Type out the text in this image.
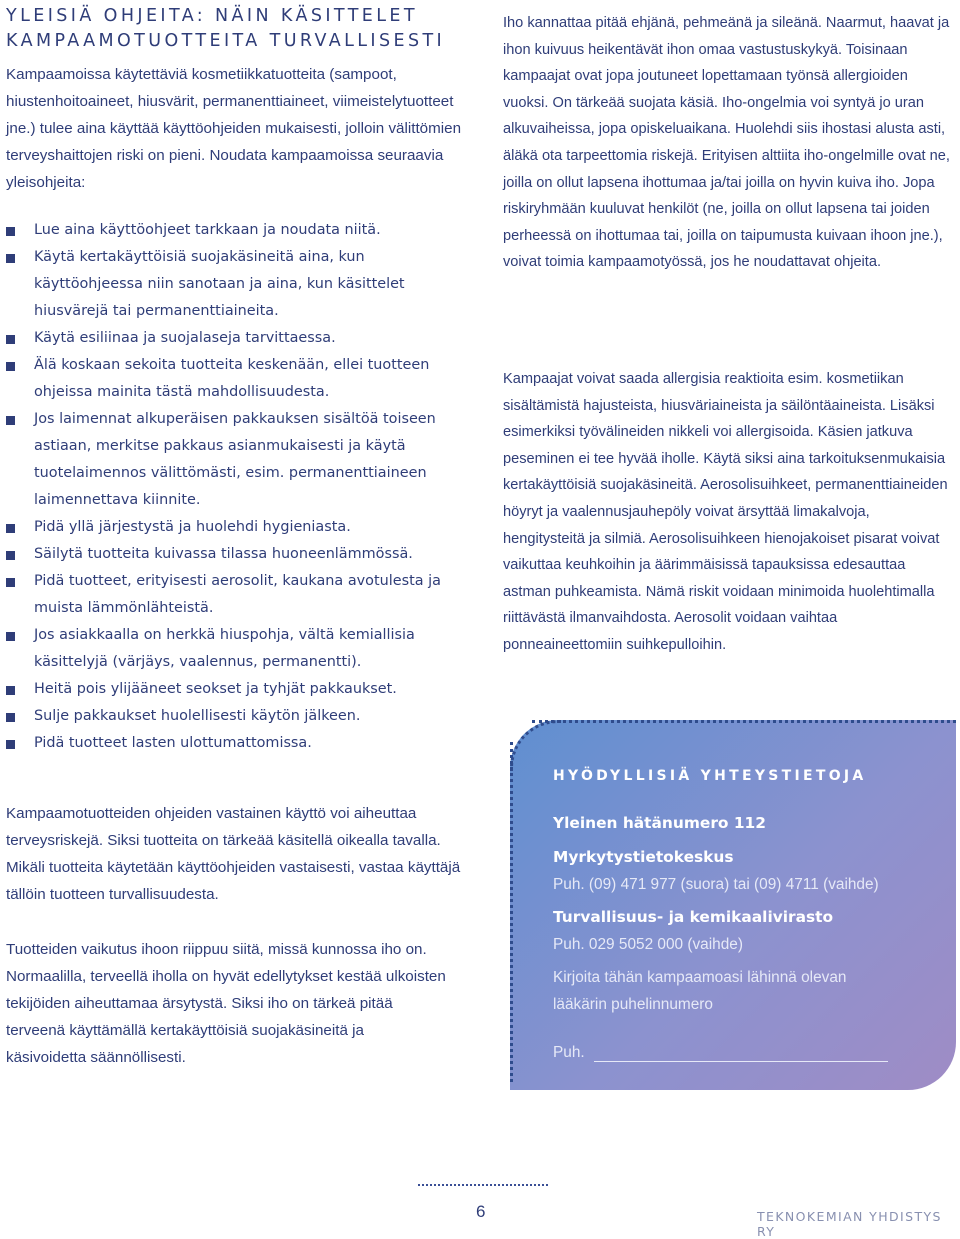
YLEISIÄ OHJEITA: NÄIN KÄSITTELET
KAMPAAMOTUOTTEITA TURVALLISESTI

Kampaamoissa käytettäviä kosmetiikkatuotteita (sampoot, hiustenhoitoaineet, hiusvärit, permanenttiaineet, viimeistelytuotteet jne.) tulee aina käyttää käyttöohjeiden mukaisesti, jolloin välittömien terveyshaittojen riski on pieni. Noudata kampaamoissa seuraavia yleisohjeita:

Lue aina käyttöohjeet tarkkaan ja noudata niitä.
Käytä kertakäyttöisiä suojakäsineitä aina, kun käyttöohjeessa niin sanotaan ja aina, kun käsittelet hiusvärejä tai permanenttiaineita.
Käytä esiliinaa ja suojalaseja tarvittaessa.
Älä koskaan sekoita tuotteita keskenään, ellei tuotteen ohjeissa mainita tästä mahdollisuudesta.
Jos laimennat alkuperäisen pakkauksen sisältöä toiseen astiaan, merkitse pakkaus asianmukaisesti ja käytä tuotelaimennos välittömästi, esim. permanenttiaineen laimennettava kiinnite.
Pidä yllä järjestystä ja huolehdi hygieniasta.
Säilytä tuotteita kuivassa tilassa huoneenlämmössä.
Pidä tuotteet, erityisesti aerosolit, kaukana avotulesta ja muista lämmönlähteistä.
Jos asiakkaalla on herkkä hiuspohja, vältä kemiallisia käsittelyjä (värjäys, vaalennus, permanentti).
Heitä pois ylijääneet seokset ja tyhjät pakkaukset.
Sulje pakkaukset huolellisesti käytön jälkeen.
Pidä tuotteet lasten ulottumattomissa.

Kampaamotuotteiden ohjeiden vastainen käyttö voi aiheuttaa terveysriskejä. Siksi tuotteita on tärkeää käsitellä oikealla tavalla. Mikäli tuotteita käytetään käyttöohjeiden vastaisesti, vastaa käyttäjä tällöin tuotteen turvallisuudesta.

Tuotteiden vaikutus ihoon riippuu siitä, missä kunnossa iho on. Normaalilla, terveellä iholla on hyvät edellytykset kestää ulkoisten tekijöiden aiheuttamaa ärsytystä. Siksi iho on tärkeä pitää terveenä käyttämällä kertakäyttöisiä suojakäsineitä ja käsivoidetta säännöllisesti.

Iho kannattaa pitää ehjänä, pehmeänä ja sileänä. Naarmut, haavat ja ihon kuivuus heikentävät ihon omaa vastustuskykyä. Toisinaan kampaajat ovat jopa joutuneet lopettamaan työnsä allergioiden vuoksi. On tärkeää suojata käsiä. Iho-ongelmia voi syntyä jo uran alkuvaiheissa, jopa opiskeluaikana. Huolehdi siis ihostasi alusta asti, äläkä ota tarpeettomia riskejä. Erityisen alttiita iho-ongelmille ovat ne, joilla on ollut lapsena ihottumaa ja/tai joilla on hyvin kuiva iho. Jopa riskiryhmään kuuluvat henkilöt (ne, joilla on ollut lapsena tai joiden perheessä on ihottumaa tai, joilla on taipumusta kuivaan ihoon jne.), voivat toimia kampaamotyössä, jos he noudattavat ohjeita.

Kampaajat voivat saada allergisia reaktioita esim. kosmetiikan sisältämistä hajusteista, hiusväriaineista ja säilöntäaineista. Lisäksi esimerkiksi työvälineiden nikkeli voi allergisoida. Käsien jatkuva peseminen ei tee hyvää iholle. Käytä siksi aina tarkoituksenmukaisia kertakäyttöisiä suojakäsineitä. Aerosolisuihkeet, permanenttiaineiden höyryt ja vaalennusjauhepöly voivat ärsyttää limakalvoja, hengitysteitä ja silmiä. Aerosolisuihkeen hienojakoiset pisarat voivat vaikuttaa keuhkoihin ja äärimmäisissä tapauksissa edesauttaa astman puhkeamista. Nämä riskit voidaan minimoida huolehtimalla riittävästä ilmanvaihdosta. Aerosolit voidaan vaihtaa ponneaineettomiin suihkepulloihin.

HYÖDYLLISIÄ YHTEYSTIETOJA
Yleinen hätänumero 112
Myrkytystietokeskus
Puh. (09) 471 977 (suora) tai (09) 4711 (vaihde)
Turvallisuus- ja kemikaalivirasto
Puh. 029 5052 000 (vaihde)
Kirjoita tähän kampaamoasi lähinnä olevan lääkärin puhelinnumero
Puh.
6	TEKNOKEMIAN YHDISTYS RY
